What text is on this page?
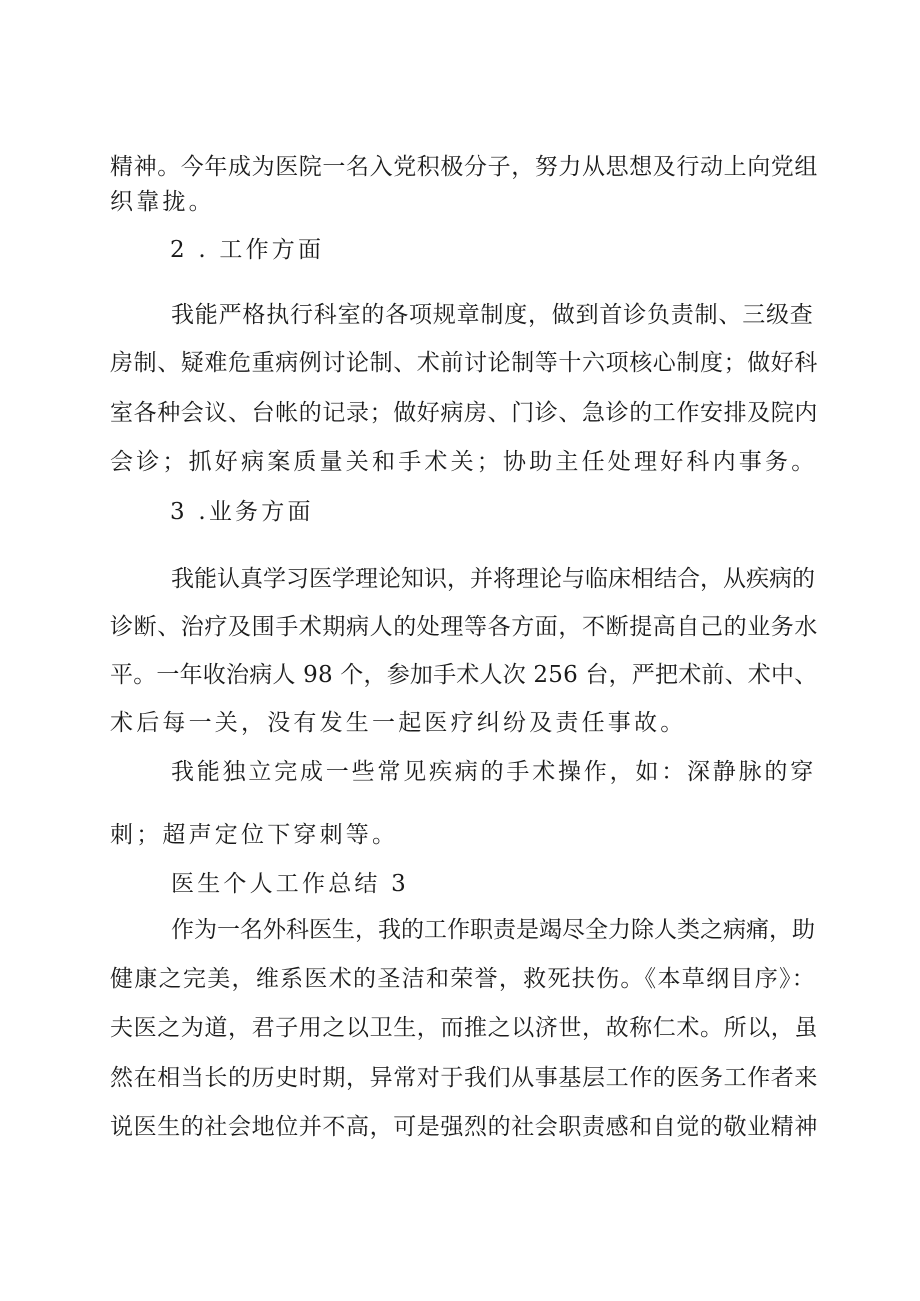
精神。今年成为医院一名入党积极分子，努力从思想及行动上向党组
织靠拢。
2 . 工作方面
我能严格执行科室的各项规章制度，做到首诊负责制、三级查
房制、疑难危重病例讨论制、术前讨论制等十六项核心制度；做好科
室各种会议、台帐的记录；做好病房、门诊、急诊的工作安排及院内
会诊；抓好病案质量关和手术关；协助主任处理好科内事务。
3 .业务方面
我能认真学习医学理论知识，并将理论与临床相结合，从疾病的
诊断、治疗及围手术期病人的处理等各方面，不断提高自己的业务水
平。一年收治病人 98 个，参加手术人次 256 台，严把术前、术中、
术后每一关，没有发生一起医疗纠纷及责任事故。
我能独立完成一些常见疾病的手术操作，如：深静脉的穿
刺；超声定位下穿刺等。
医生个人工作总结 3
作为一名外科医生，我的工作职责是竭尽全力除人类之病痛，助
健康之完美，维系医术的圣洁和荣誉，救死扶伤。《本草纲目序》：
夫医之为道，君子用之以卫生，而推之以济世，故称仁术。所以，虽
然在相当长的历史时期，异常对于我们从事基层工作的医务工作者来
说医生的社会地位并不高，可是强烈的社会职责感和自觉的敬业精神
